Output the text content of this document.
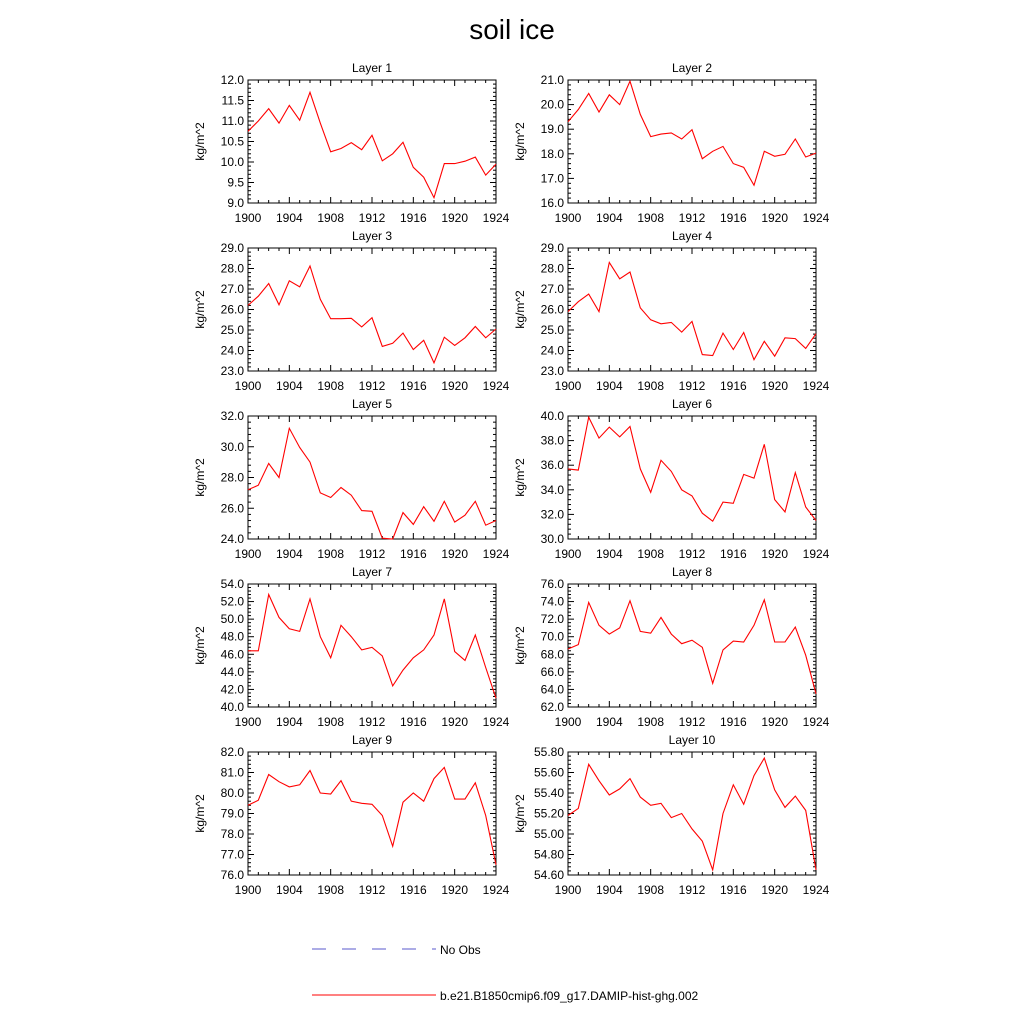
soil ice
Layer 1
kg/m^2
9.0
9.5
10.0
10.5
11.0
11.5
12.0
1900 1904 1908 1912 1916 1920 1924
Layer 2
kg/m^2
16.0
17.0
18.0
19.0
20.0
21.0
1900 1904 1908 1912 1916 1920 1924
Layer 3
kg/m^2
23.0
24.0
25.0
26.0
27.0
28.0
29.0
1900 1904 1908 1912 1916 1920 1924
Layer 4
kg/m^2
23.0
24.0
25.0
26.0
27.0
28.0
29.0
1900 1904 1908 1912 1916 1920 1924
Layer 5
kg/m^2
24.0
26.0
28.0
30.0
32.0
1900 1904 1908 1912 1916 1920 1924
Layer 6
kg/m^2
30.0
32.0
34.0
36.0
38.0
40.0
1900 1904 1908 1912 1916 1920 1924
Layer 7
kg/m^2
40.0
42.0
44.0
46.0
48.0
50.0
52.0
54.0
1900 1904 1908 1912 1916 1920 1924
Layer 8
kg/m^2
62.0
64.0
66.0
68.0
70.0
72.0
74.0
76.0
1900 1904 1908 1912 1916 1920 1924
Layer 9
kg/m^2
76.0
77.0
78.0
79.0
80.0
81.0
82.0
1900 1904 1908 1912 1916 1920 1924
Layer 10
kg/m^2
54.60
54.80
55.00
55.20
55.40
55.60
55.80
1900 1904 1908 1912 1916 1920 1924
No Obs
b.e21.B1850cmip6.f09_g17.DAMIP-hist-ghg.002
